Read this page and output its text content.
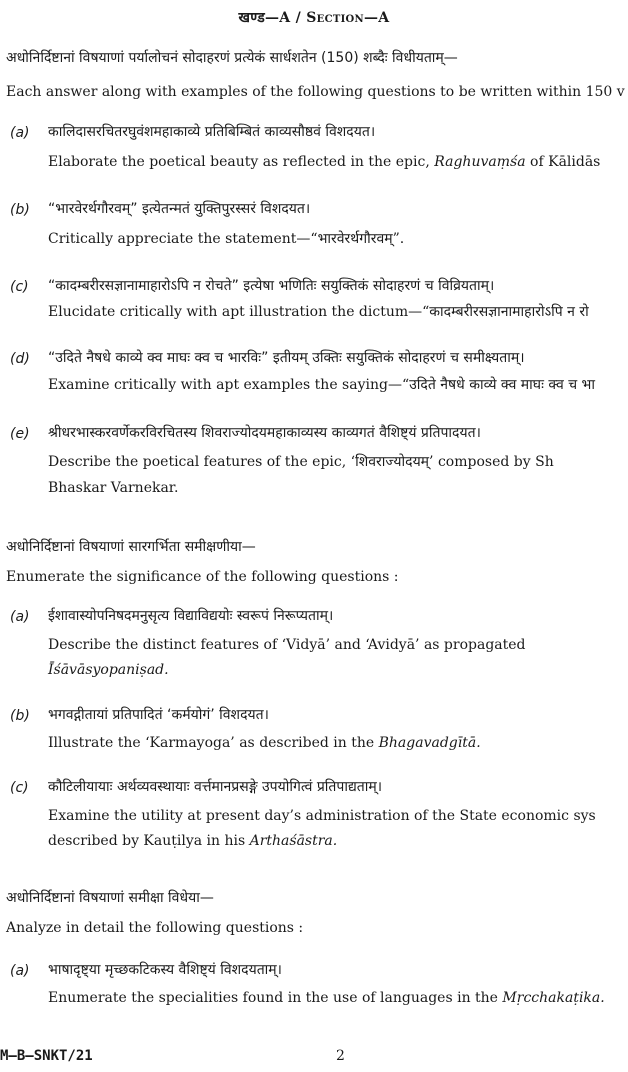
खण्ड—A / Section—A
अधोनिर्दिष्टानां विषयाणां पर्यालोचनं सोदाहरणं प्रत्येकं सार्धशतेन (150) शब्दैः विधीयताम्—
Each answer along with examples of the following questions to be written within 150 v
(a) कालिदासरचितरघुवंशमहाकाव्ये प्रतिबिम्बितं काव्यसौष्ठवं विशदयत।
Elaborate the poetical beauty as reflected in the epic, Raghuvaṃśa of Kālidās
(b) “भारवेरर्थगौरवम्” इत्येतन्मतं युक्तिपुरस्सरं विशदयत।
Critically appreciate the statement—“भारवेरर्थगौरवम्”.
(c) “कादम्बरीरसज्ञानामाहारोऽपि न रोचते” इत्येषा भणितिः सयुक्तिकं सोदाहरणं च विव्रियताम्।
Elucidate critically with apt illustration the dictum—“कादम्बरीरसज्ञानामाहारोऽपि न रो
(d) “उदिते नैषधे काव्ये क्व माघः क्व च भारविः” इतीयम् उक्तिः सयुक्तिकं सोदाहरणं च समीक्ष्यताम्।
Examine critically with apt examples the saying—“उदिते नैषधे काव्ये क्व माघः क्व च भा
(e) श्रीधरभास्करवर्णेकरविरचितस्य शिवराज्योदयमहाकाव्यस्य काव्यगतं वैशिष्ट्यं प्रतिपादयत।
Describe the poetical features of the epic, ‘शिवराज्योदयम्’ composed by Sh
Bhaskar Varnekar.
अधोनिर्दिष्टानां विषयाणां सारगर्भिता समीक्षणीया—
Enumerate the significance of the following questions :
(a) ईशावास्योपनिषदमनुसृत्य विद्याविद्ययोः स्वरूपं निरूप्यताम्।
Describe the distinct features of ‘Vidyā’ and ‘Avidyā’ as propagated
Īśāvāsyopaniṣad.
(b) भगवद्गीतायां प्रतिपादितं ‘कर्मयोगं’ विशदयत।
Illustrate the ‘Karmayoga’ as described in the Bhagavadgītā.
(c) कौटिलीयायाः अर्थव्यवस्थायाः वर्त्तमानप्रसङ्गे उपयोगित्वं प्रतिपाद्यताम्।
Examine the utility at present day’s administration of the State economic sys
described by Kauṭilya in his Arthaśāstra.
अधोनिर्दिष्टानां विषयाणां समीक्षा विधेया—
Analyze in detail the following questions :
(a) भाषादृष्ट्या मृच्छकटिकस्य वैशिष्ट्यं विशदयताम्।
Enumerate the specialities found in the use of languages in the Mṛcchakaṭika.
M–B–SNKT/21	2
